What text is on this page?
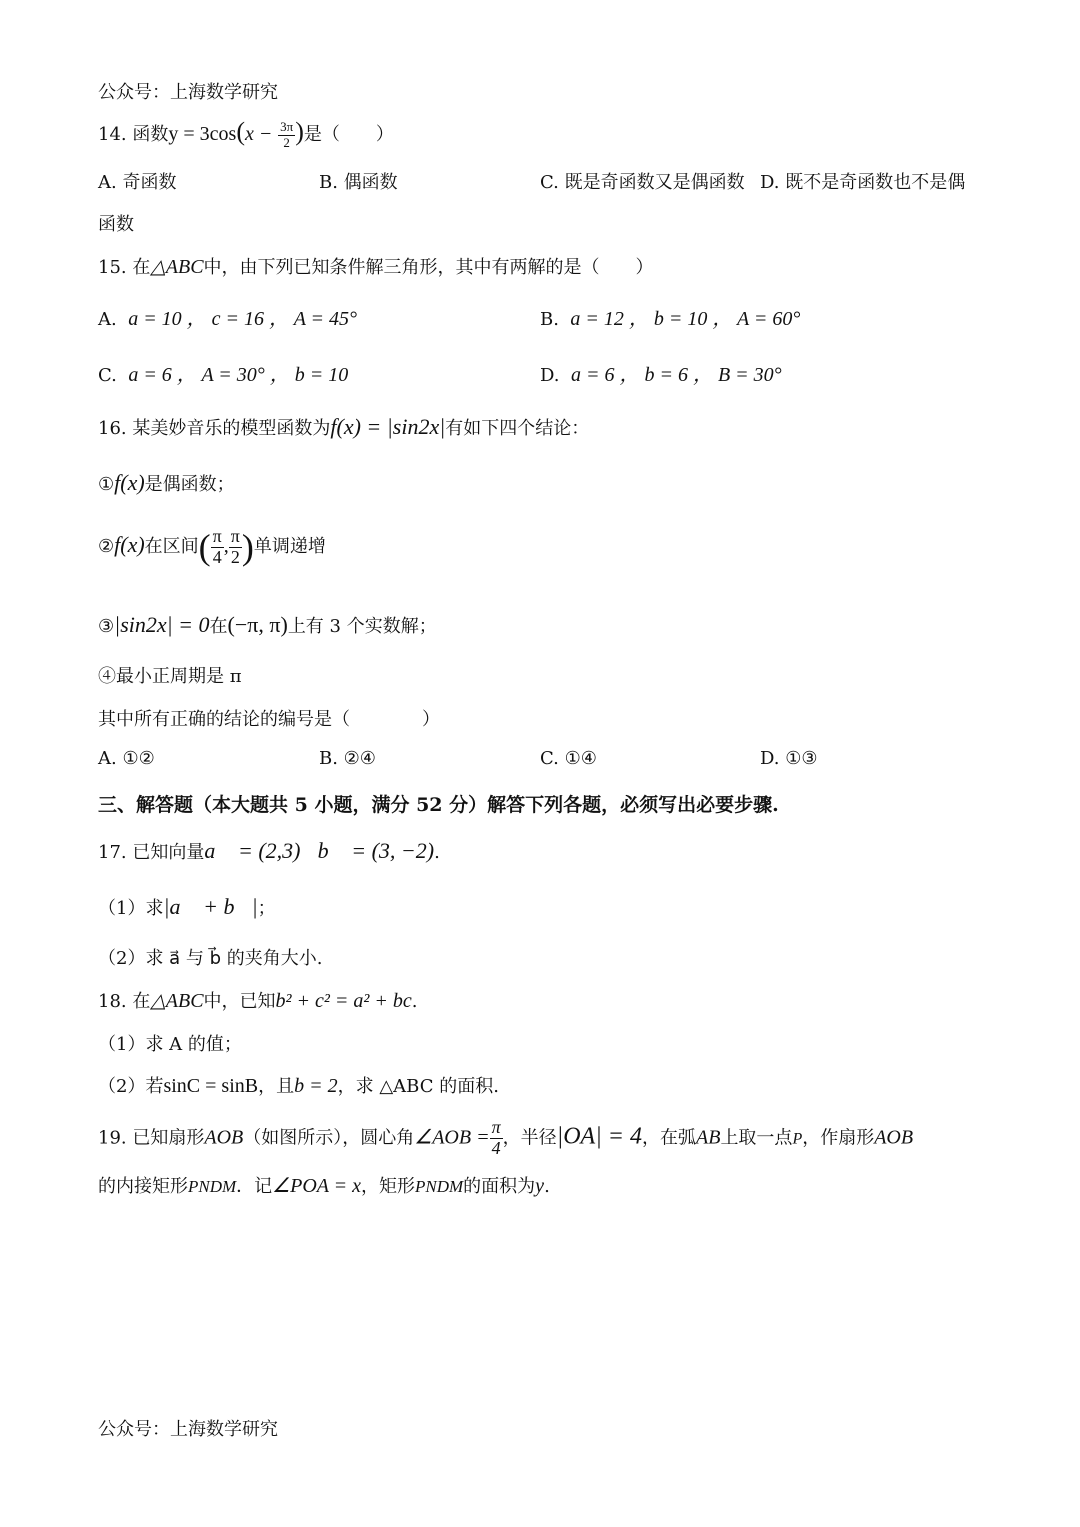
公众号：上海数学研究
14. 函数$y = 3\cos(x - \frac{3\pi}{2}$ )是（　　）
A. 奇函数	B. 偶函数	C. 既是奇函数又是偶函数 D. 既不是奇函数也不是偶
函数
15. 在△ABC中，由下列已知条件解三角形，其中有两解的是（　　）
A. a = 10 ， c = 16 ， A = 45°	B. a = 12 ， b = 10 ， A = 60°
C. a = 6 ， A = 30° ， b = 10	D. a = 6 ， b = 6 ， B = 30°
16. 某美妙音乐的模型函数为f(x) = |sin2x|有如下四个结论：
①f(x)是偶函数；
②f(x)在区间( $\frac{\pi}{4}$ , $\frac{\pi}{2}$ )单调递增
③|sin2x| = 0在(−π, π)上有 3 个实数解；
④最小正周期是 π
其中所有正确的结论的编号是（　　　　）
A. ①②	B. ②④	C. ①④	D. ①③
三、解答题（本大题共 5 小题，满分 52 分）解答下列各题，必须写出必要步骤.
17. 已知向量a⃗ = (2,3)，b⃗ = (3, −2).
（1）求|a⃗ + b⃗|；
（2）求 a⃗ 与 b⃗ 的夹角大小.
18. 在△ABC中，已知b² + c² = a² + bc.
（1）求 A 的值；
（2）若sinC = sinB，且b = 2，求 △ABC 的面积.
19. 已知扇形AOB（如图所示），圆心角∠AOB = $\frac{\pi}{4}$ ，半径|OA| = 4，在弧AB上取一点P，作扇形AOB
的内接矩形PNDM．记∠POA = x，矩形PNDM的面积为y.
公众号：上海数学研究
